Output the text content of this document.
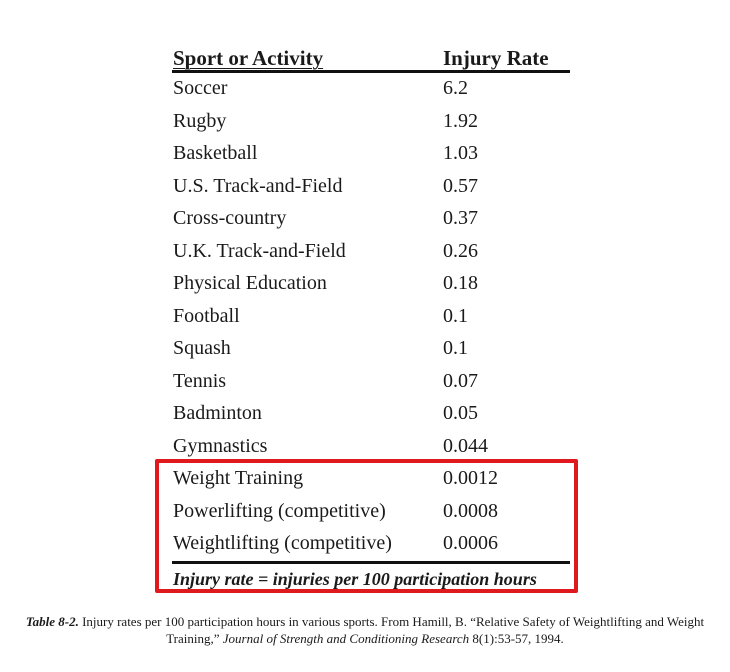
Sport or Activity	Injury Rate
Soccer	6.2
Rugby	1.92
Basketball	1.03
U.S. Track-and-Field	0.57
Cross-country	0.37
U.K. Track-and-Field	0.26
Physical Education	0.18
Football	0.1
Squash	0.1
Tennis	0.07
Badminton	0.05
Gymnastics	0.044
Weight Training	0.0012
Powerlifting (competitive)	0.0008
Weightlifting (competitive)	0.0006
Injury rate = injuries per 100 participation hours
Table 8-2. Injury rates per 100 participation hours in various sports. From Hamill, B. “Relative Safety of Weightlifting and Weight Training,” Journal of Strength and Conditioning Research 8(1):53-57, 1994.
